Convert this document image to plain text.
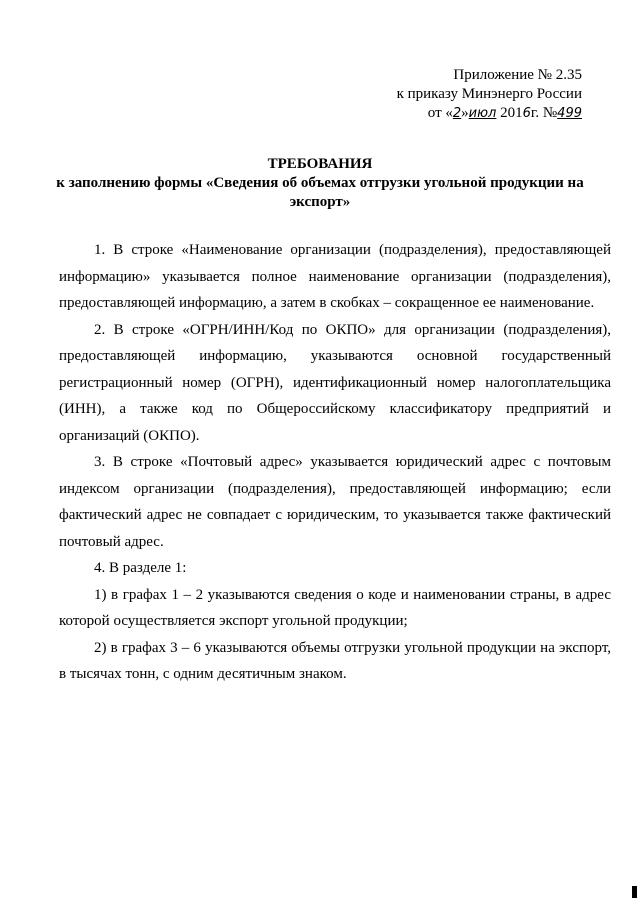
Приложение № 2.35
к приказу Минэнерго России
от «2»июл 2016г. №499
ТРЕБОВАНИЯ
к заполнению формы «Сведения об объемах отгрузки угольной продукции на экспорт»

1. В строке «Наименование организации (подразделения), предоставляющей информацию» указывается полное наименование организации (подразделения), предоставляющей информацию, а затем в скобках – сокращенное ее наименование.

2. В строке «ОГРН/ИНН/Код по ОКПО» для организации (подразделения), предоставляющей информацию, указываются основной государственный регистрационный номер (ОГРН), идентификационный номер налогоплательщика (ИНН), а также код по Общероссийскому классификатору предприятий и организаций (ОКПО).

3. В строке «Почтовый адрес» указывается юридический адрес с почтовым индексом организации (подразделения), предоставляющей информацию; если фактический адрес не совпадает с юридическим, то указывается также фактический почтовый адрес.

4. В разделе 1:

1) в графах 1 – 2 указываются сведения о коде и наименовании страны, в адрес которой осуществляется экспорт угольной продукции;

2) в графах 3 – 6 указываются объемы отгрузки угольной продукции на экспорт, в тысячах тонн, с одним десятичным знаком.
